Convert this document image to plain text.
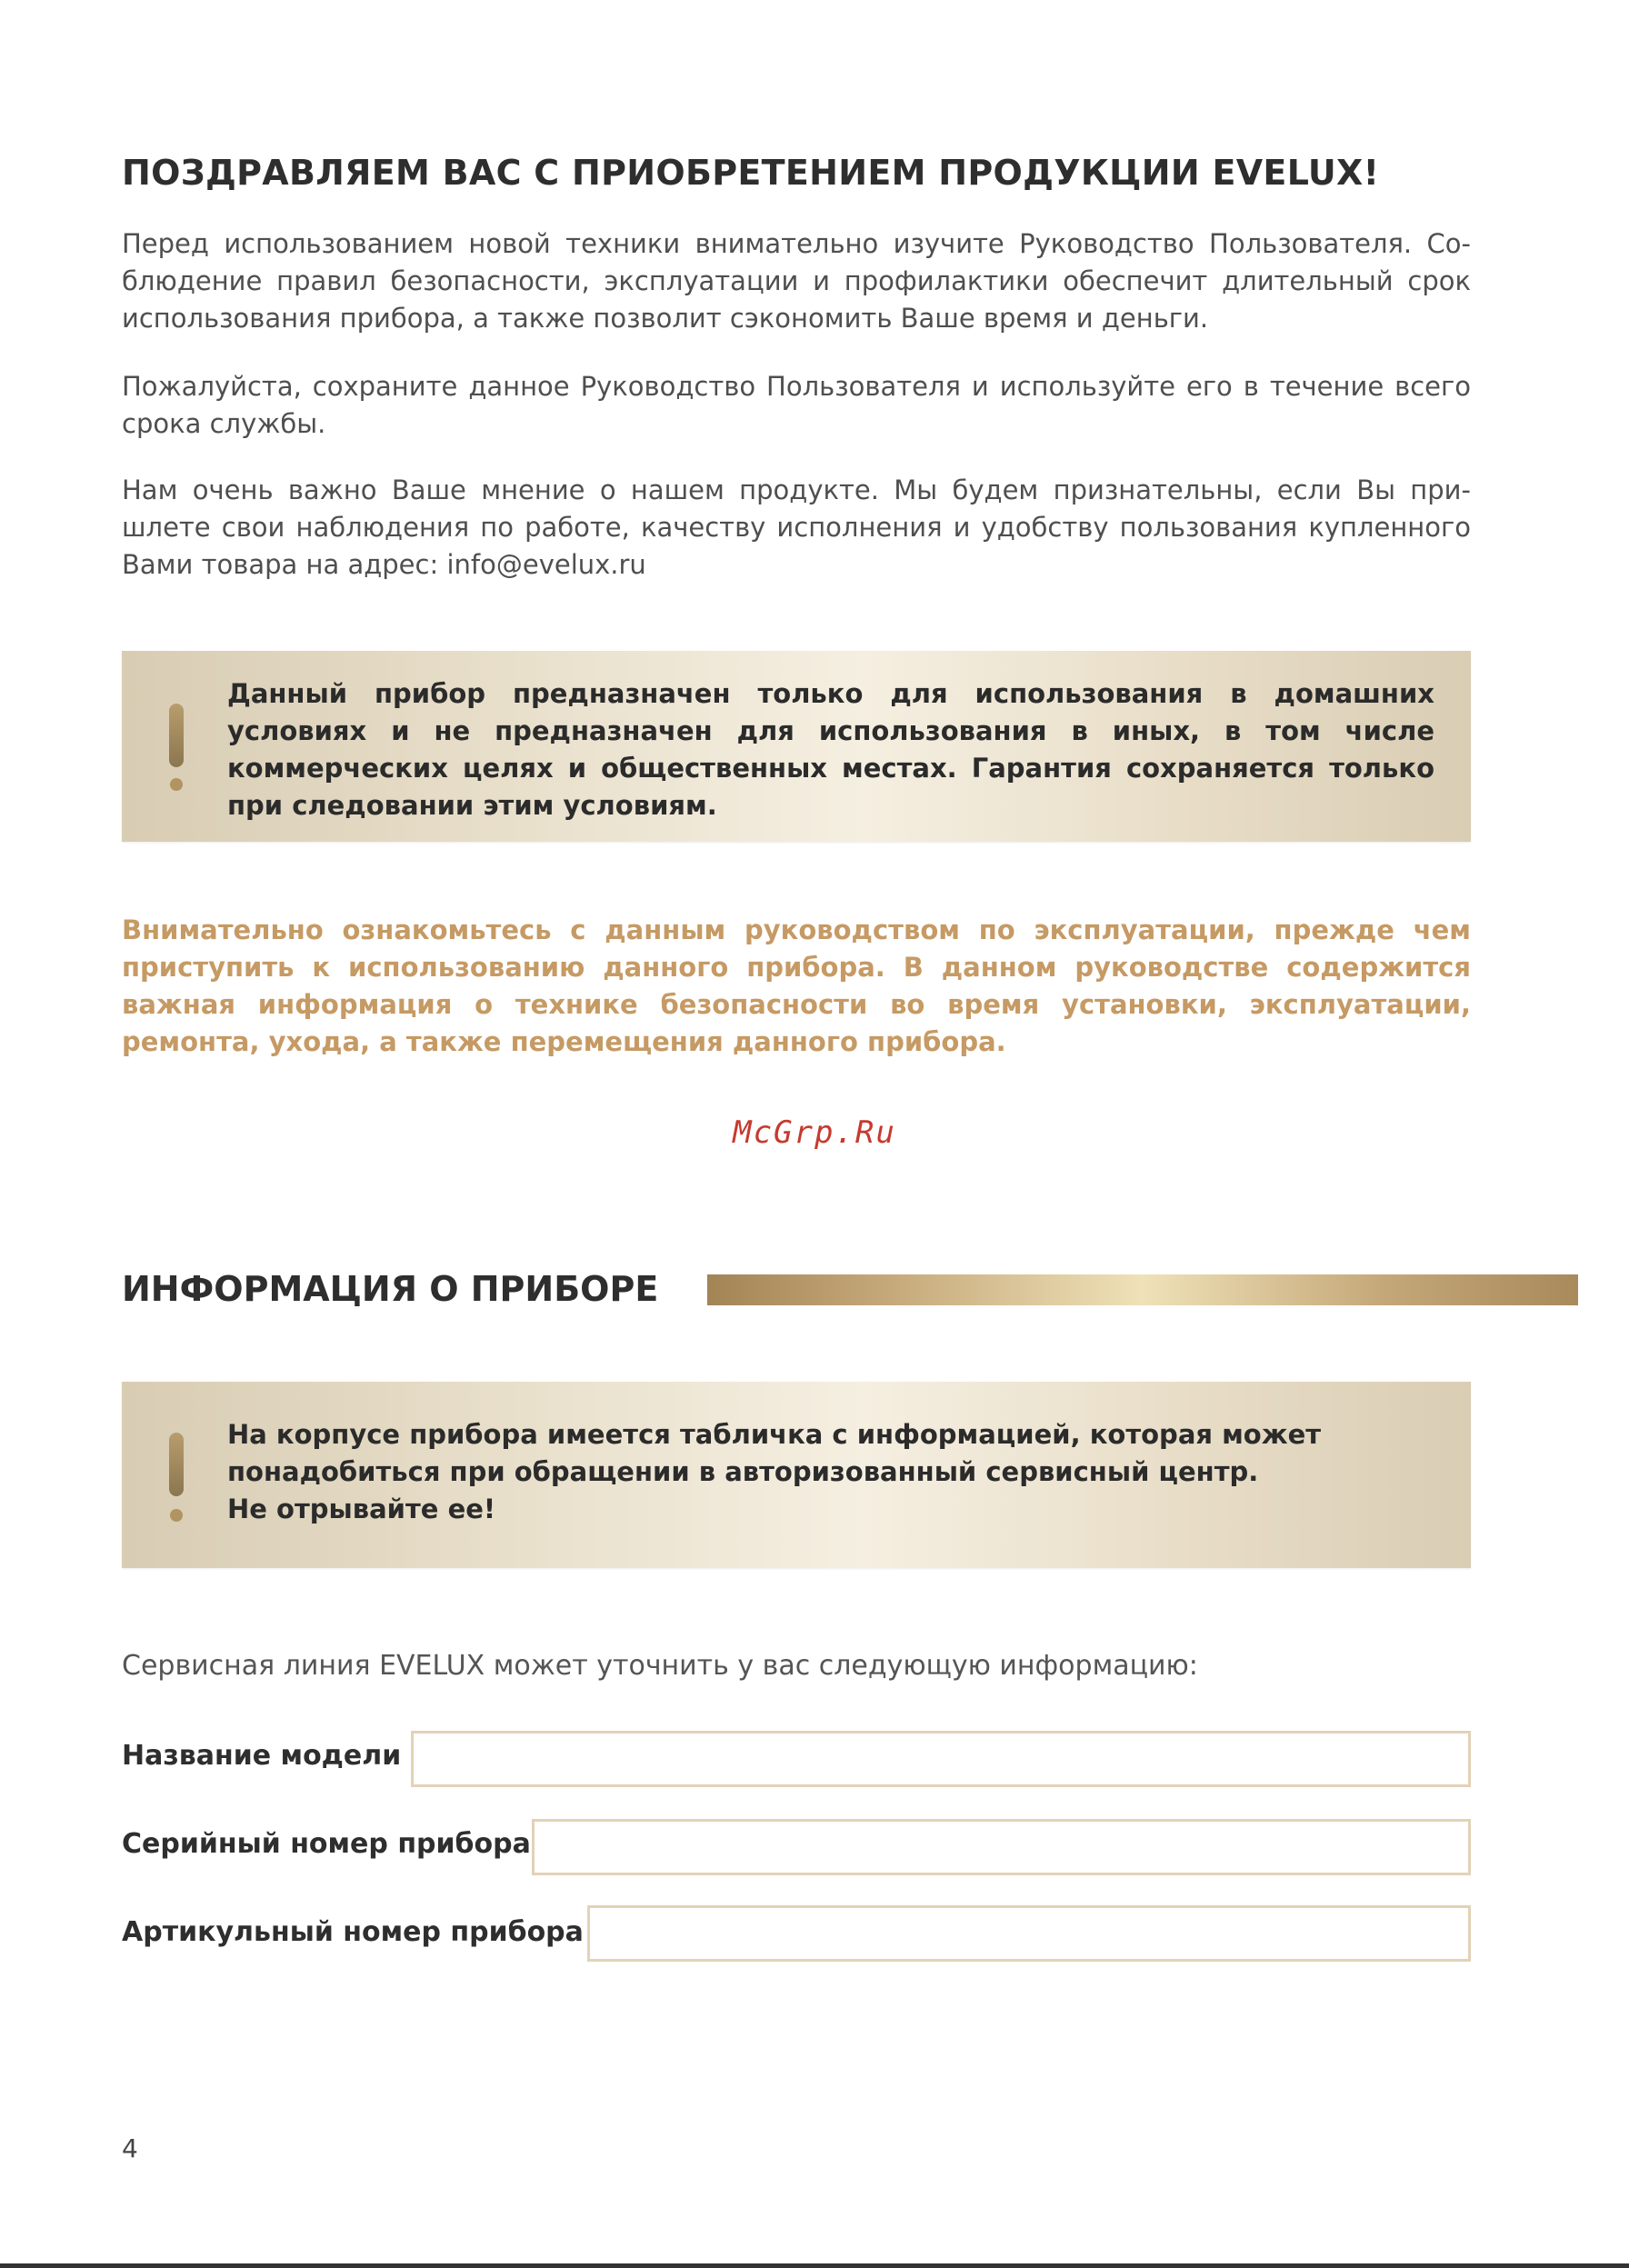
ПОЗДРАВЛЯЕМ ВАС С ПРИОБРЕТЕНИЕМ ПРОДУКЦИИ EVELUX!

Перед использованием новой техники внимательно изучите Руководство Пользователя. Со-блюдение правил безопасности, эксплуатации и профилактики обеспечит длительный срок использования прибора, а также позволит сэкономить Ваше время и деньги.

Пожалуйста, сохраните данное Руководство Пользователя и используйте его в течение всего срока службы.

Нам очень важно Ваше мнение о нашем продукте. Мы будем признательны, если Вы при-шлете свои наблюдения по работе, качеству исполнения и удобству пользования купленного Вами товара на адрес: info@evelux.ru

Данный прибор предназначен только для использования в домашних условиях и не предназначен для использования в иных, в том числе коммерческих целях и общественных местах. Гарантия сохраняется только при следовании этим условиям.

Внимательно ознакомьтесь с данным руководством по эксплуатации, прежде чем приступить к использованию данного прибора. В данном руководстве содержится важная информация о технике безопасности во время установки, эксплуатации, ремонта, ухода, а также перемещения данного прибора.

McGrp.Ru
ИНФОРМАЦИЯ О ПРИБОРЕ
На корпусе прибора имеется табличка с информацией, которая может
понадобиться при обращении в авторизованный сервисный центр.
Не отрывайте ее!

Сервисная линия EVELUX может уточнить у вас следующую информацию:

Название модели

Серийный номер прибора

Артикульный номер прибора

4
